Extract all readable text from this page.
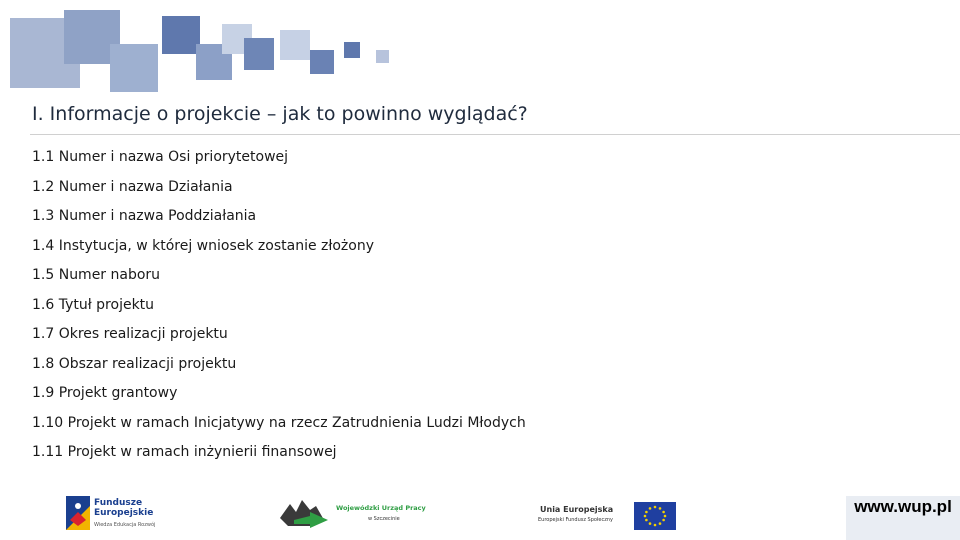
I. Informacje o projekcie – jak to powinno wyglądać?
1.1 Numer i nazwa Osi priorytetowej
1.2 Numer i nazwa Działania
1.3 Numer i nazwa Poddziałania
1.4 Instytucja, w której wniosek zostanie złożony
1.5 Numer naboru
1.6 Tytuł projektu
1.7 Okres realizacji projektu
1.8 Obszar realizacji projektu
1.9 Projekt grantowy
1.10 Projekt w ramach Inicjatywy na rzecz Zatrudnienia Ludzi Młodych
1.11 Projekt w ramach inżynierii finansowej
Fundusze
Europejskie
Wiedza Edukacja Rozwój
Wojewódzki Urząd Pracy
w Szczecinie
Unia Europejska
Europejski Fundusz Społeczny
www.wup.pl
